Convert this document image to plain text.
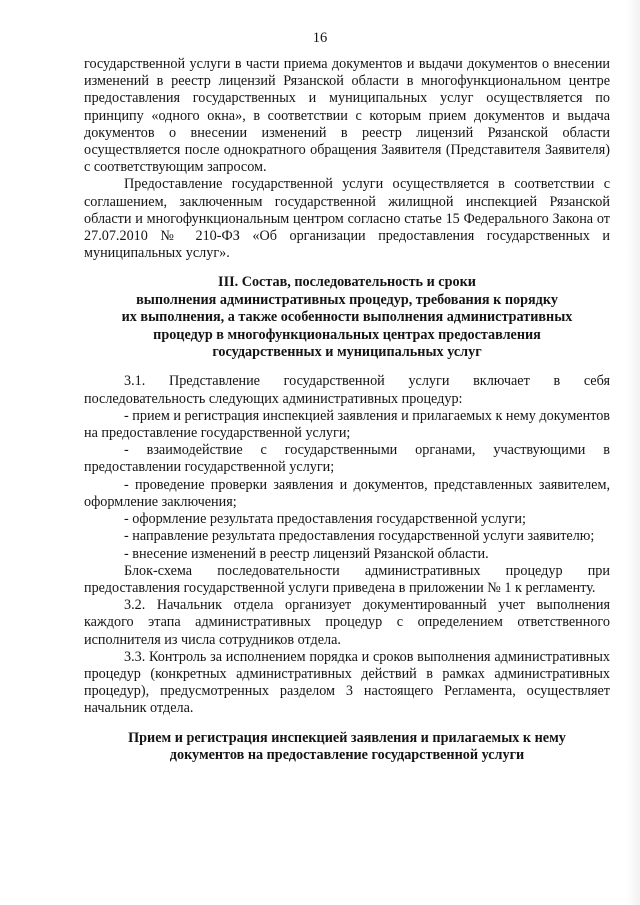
16

государственной услуги в части приема документов и выдачи документов о внесении изменений в реестр лицензий Рязанской области в многофункциональном центре предоставления государственных и муниципальных услуг осуществляется по принципу «одного окна», в соответствии с которым прием документов и выдача документов о внесении изменений в реестр лицензий Рязанской области осуществляется после однократного обращения Заявителя (Представителя Заявителя) с соответствующим запросом.

Предоставление государственной услуги осуществляется в соответствии с соглашением, заключенным государственной жилищной инспекцией Рязанской области и многофункциональным центром согласно статье 15 Федерального Закона от 27.07.2010 № 210-ФЗ «Об организации предоставления государственных и муниципальных услуг».

III. Состав, последовательность и сроки
выполнения административных процедур, требования к порядку
их выполнения, а также особенности выполнения административных
процедур в многофункциональных центрах предоставления
государственных и муниципальных услуг

3.1. Представление государственной услуги включает в себя последовательность следующих административных процедур:

- прием и регистрация инспекцией заявления и прилагаемых к нему документов на предоставление государственной услуги;

- взаимодействие с государственными органами, участвующими в предоставлении государственной услуги;

- проведение проверки заявления и документов, представленных заявителем, оформление заключения;

- оформление результата предоставления государственной услуги;

- направление результата предоставления государственной услуги заявителю;

- внесение изменений в реестр лицензий Рязанской области.

Блок-схема последовательности административных процедур при предоставления государственной услуги приведена в приложении № 1 к регламенту.

3.2. Начальник отдела организует документированный учет выполнения каждого этапа административных процедур с определением ответственного исполнителя из числа сотрудников отдела.

3.3. Контроль за исполнением порядка и сроков выполнения административных процедур (конкретных административных действий в рамках административных процедур), предусмотренных разделом 3 настоящего Регламента, осуществляет начальник отдела.

Прием и регистрация инспекцией заявления и прилагаемых к нему
документов на предоставление государственной услуги
